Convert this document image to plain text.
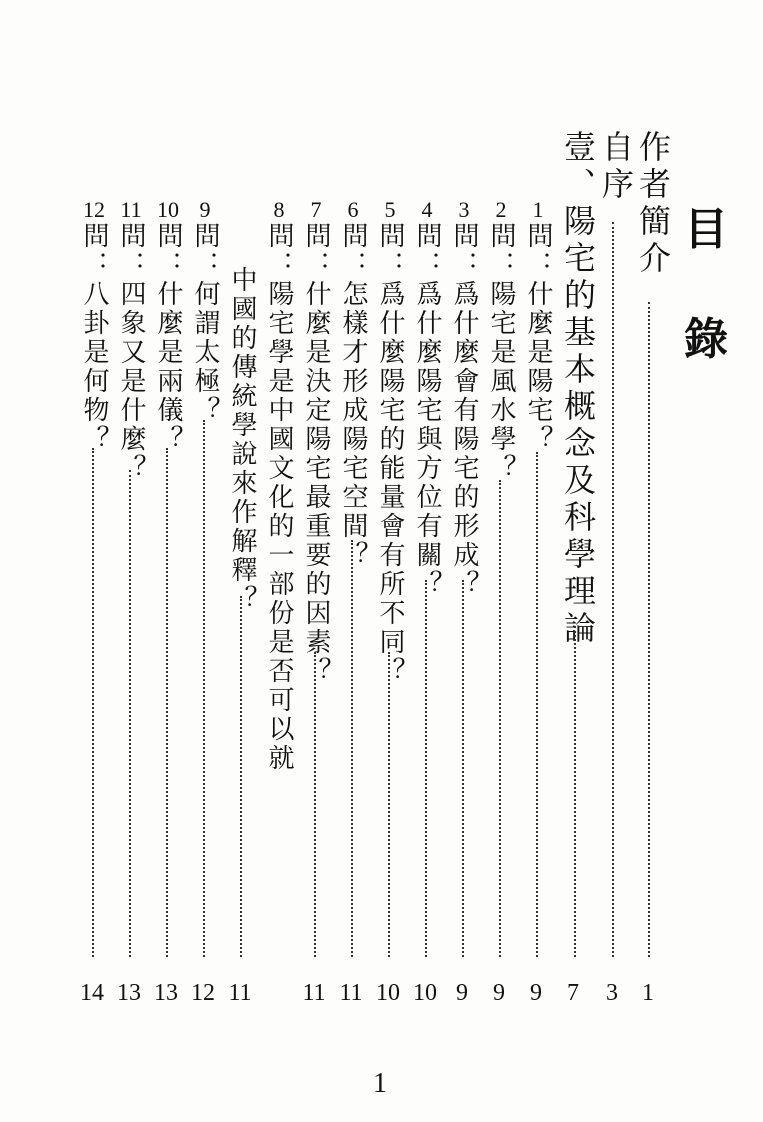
目
錄
作者簡介
1
自序
3
壹、陽宅的基本概念及科學理論
7
1
問：什麼是陽宅？
9
2
問：陽宅是風水學？
9
3
問：爲什麼會有陽宅的形成？
9
4
問：爲什麼陽宅與方位有關？
10
5
問：爲什麼陽宅的能量會有所不同？
10
6
問：怎樣才形成陽宅空間？
11
7
問：什麼是決定陽宅最重要的因素？
11
8
問：陽宅學是中國文化的一部份是否可以就
中國的傳統學說來作解釋？
11
9
問：何謂太極？
12
10
問：什麼是兩儀？
13
11
問：四象又是什麼？
13
12
問：八卦是何物？
14
1
